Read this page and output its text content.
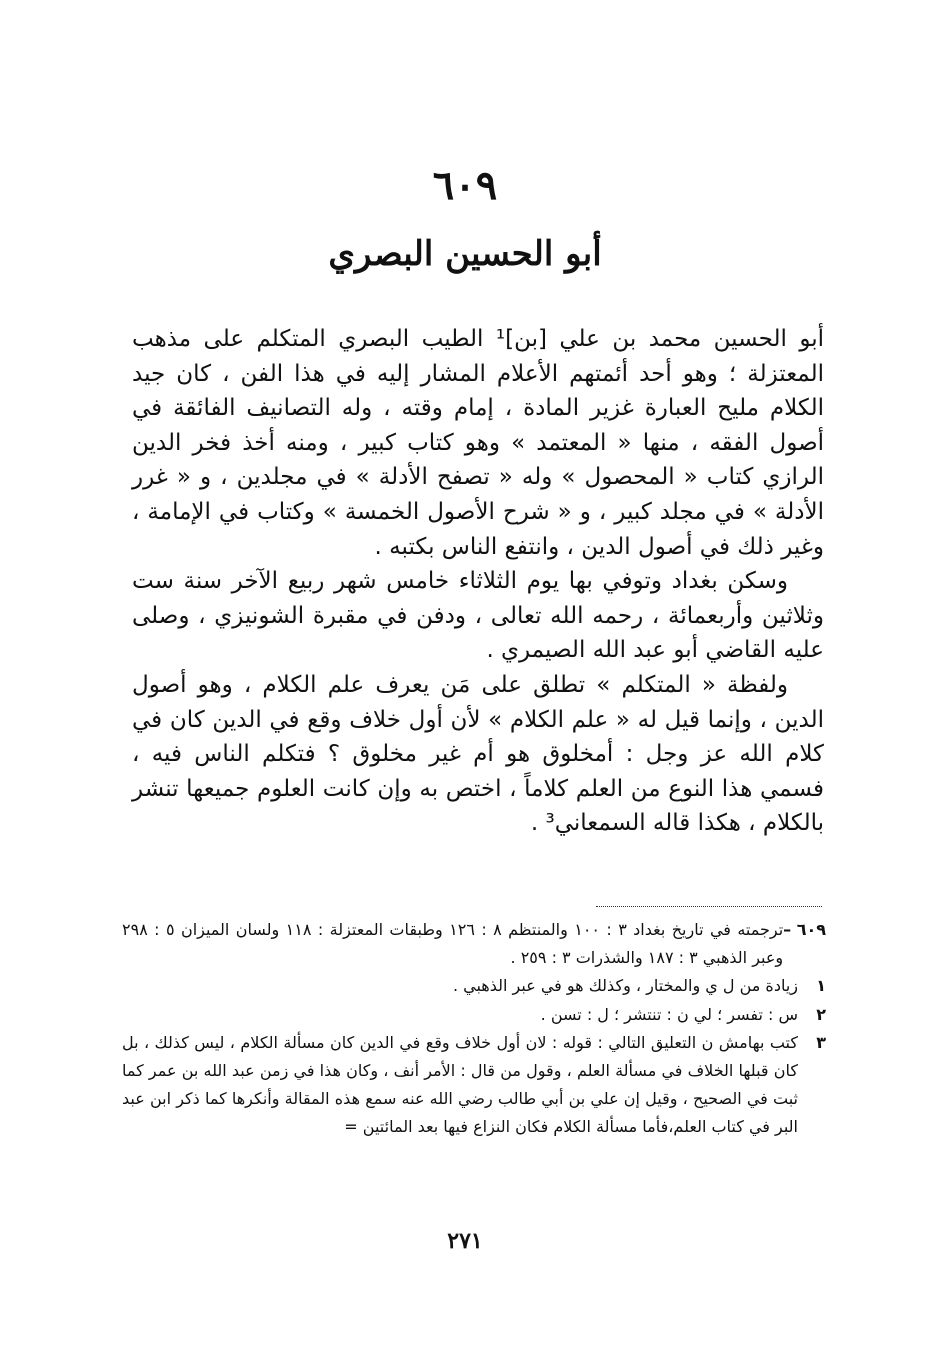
٦٠٩
أبو الحسين البصري

أبو الحسين محمد بن علي [بن]¹ الطيب البصري المتكلم على مذهب المعتزلة ؛ وهو أحد أئمتهم الأعلام المشار إليه في هذا الفن ، كان جيد الكلام مليح العبارة غزير المادة ، إمام وقته ، وله التصانيف الفائقة في أصول الفقه ، منها « المعتمد » وهو كتاب كبير ، ومنه أخذ فخر الدين الرازي كتاب « المحصول » وله « تصفح الأدلة » في مجلدين ، و « غرر الأدلة » في مجلد كبير ، و « شرح الأصول الخمسة » وكتاب في الإمامة ، وغير ذلك في أصول الدين ، وانتفع الناس بكتبه .

وسكن بغداد وتوفي بها يوم الثلاثاء خامس شهر ربيع الآخر سنة ست وثلاثين وأربعمائة ، رحمه الله تعالى ، ودفن في مقبرة الشونيزي ، وصلى عليه القاضي أبو عبد الله الصيمري .

ولفظة « المتكلم » تطلق على مَن يعرف علم الكلام ، وهو أصول الدين ، وإنما قيل له « علم الكلام » لأن أول خلاف وقع في الدين كان في كلام الله عز وجل : أمخلوق هو أم غير مخلوق ؟ فتكلم الناس فيه ، فسمي هذا النوع من العلم كلاماً ، اختص به وإن كانت العلوم جميعها تنشر بالكلام ، هكذا قاله السمعاني³ .

٦٠٩ –
ترجمته في تاريخ بغداد ٣ : ١٠٠ والمنتظم ٨ : ١٢٦ وطبقات المعتزلة : ١١٨ ولسان الميزان ٥ : ٢٩٨ وعبر الذهبي ٣ : ١٨٧ والشذرات ٣ : ٢٥٩ .
١
زيادة من ل ي والمختار ، وكذلك هو في عبر الذهبي .
٢
س : تفسر ؛ لي ن : تنتشر ؛ ل : تسن .
٣
كتب بهامش ن التعليق التالي : قوله : لان أول خلاف وقع في الدين كان مسألة الكلام ، ليس كذلك ، بل كان قبلها الخلاف في مسألة العلم ، وقول من قال : الأمر أنف ، وكان هذا في زمن عبد الله بن عمر كما ثبت في الصحيح ، وقيل إن علي بن أبي طالب رضي الله عنه سمع هذه المقالة وأنكرها كما ذكر ابن عبد البر في كتاب العلم،فأما مسألة الكلام فكان النزاع فيها بعد المائتين =
٢٧١
